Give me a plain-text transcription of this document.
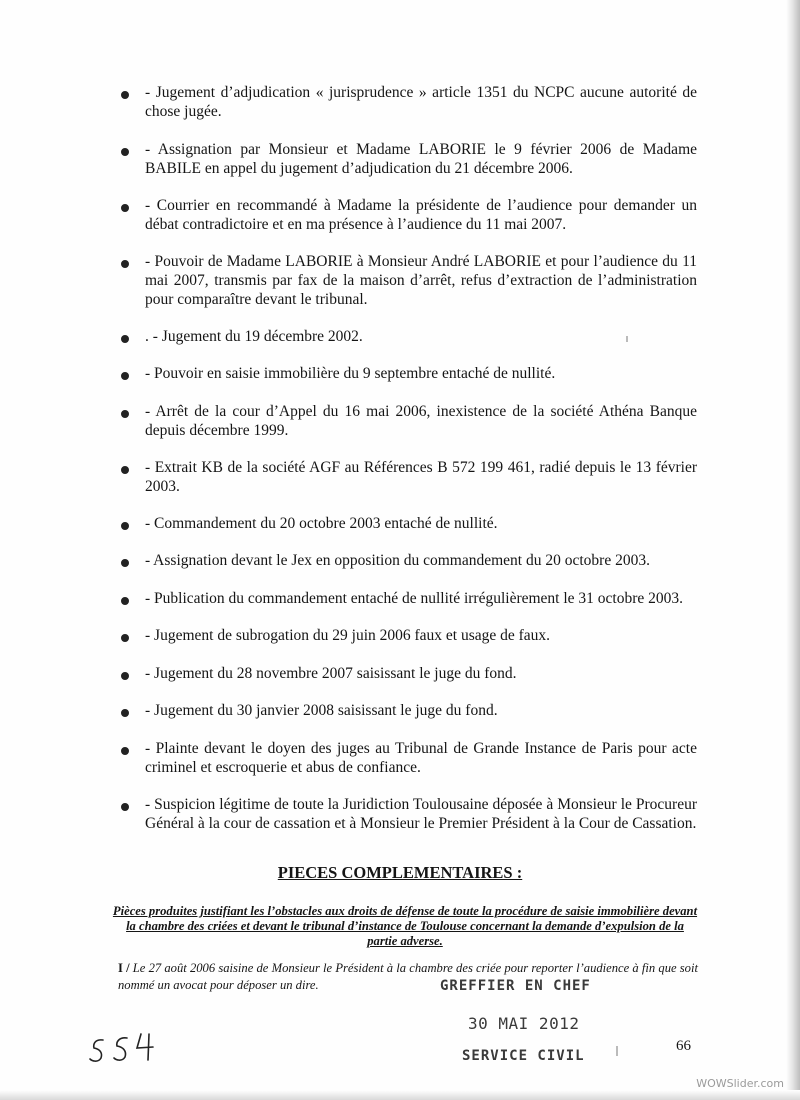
- Jugement d’adjudication « jurisprudence » article 1351 du NCPC aucune autorité de chose jugée.
- Assignation par Monsieur et Madame LABORIE le 9 février 2006 de Madame BABILE en appel du jugement d’adjudication du 21 décembre 2006.
- Courrier en recommandé à Madame la présidente de l’audience pour demander un débat contradictoire et en ma présence à l’audience du 11 mai 2007.
- Pouvoir de Madame LABORIE à Monsieur André LABORIE et pour l’audience du 11 mai 2007, transmis par fax de la maison d’arrêt, refus d’extraction de l’administration pour comparaître devant le tribunal.
. - Jugement du 19 décembre 2002.
- Pouvoir en saisie immobilière du 9 septembre entaché de nullité.
- Arrêt de la cour d’Appel du 16 mai 2006, inexistence de la société Athéna Banque depuis décembre 1999.
- Extrait KB de la société AGF au Références B 572 199 461, radié depuis le 13 février 2003.
- Commandement du 20 octobre 2003 entaché de nullité.
- Assignation devant le Jex en opposition du commandement du 20 octobre 2003.
- Publication du commandement entaché de nullité irrégulièrement le 31 octobre 2003.
- Jugement de subrogation du 29 juin 2006 faux et usage de faux.
- Jugement du 28 novembre 2007 saisissant le juge du fond.
- Jugement du 30 janvier 2008 saisissant le juge du fond.
- Plainte devant le doyen des juges au Tribunal de Grande Instance de Paris pour acte criminel et escroquerie et abus de confiance.
- Suspicion légitime de toute la Juridiction Toulousaine déposée à Monsieur le Procureur Général à la cour de cassation et à Monsieur le Premier Président à la Cour de Cassation.
PIECES COMPLEMENTAIRES :
Pièces produites justifiant les l’obstacles aux droits de défense de toute la procédure de saisie immobilière devant la chambre des criées et devant le tribunal d’instance de Toulouse concernant la demande d’expulsion de la partie adverse.
I / Le 27 août 2006 saisine de Monsieur le Président à la chambre des criée pour reporter l’audience à fin que soit nommé un avocat pour déposer un dire.	GREFFIER EN CHEF
30 MAI 2012
SERVICE CIVIL
66
WOWSlider.com
